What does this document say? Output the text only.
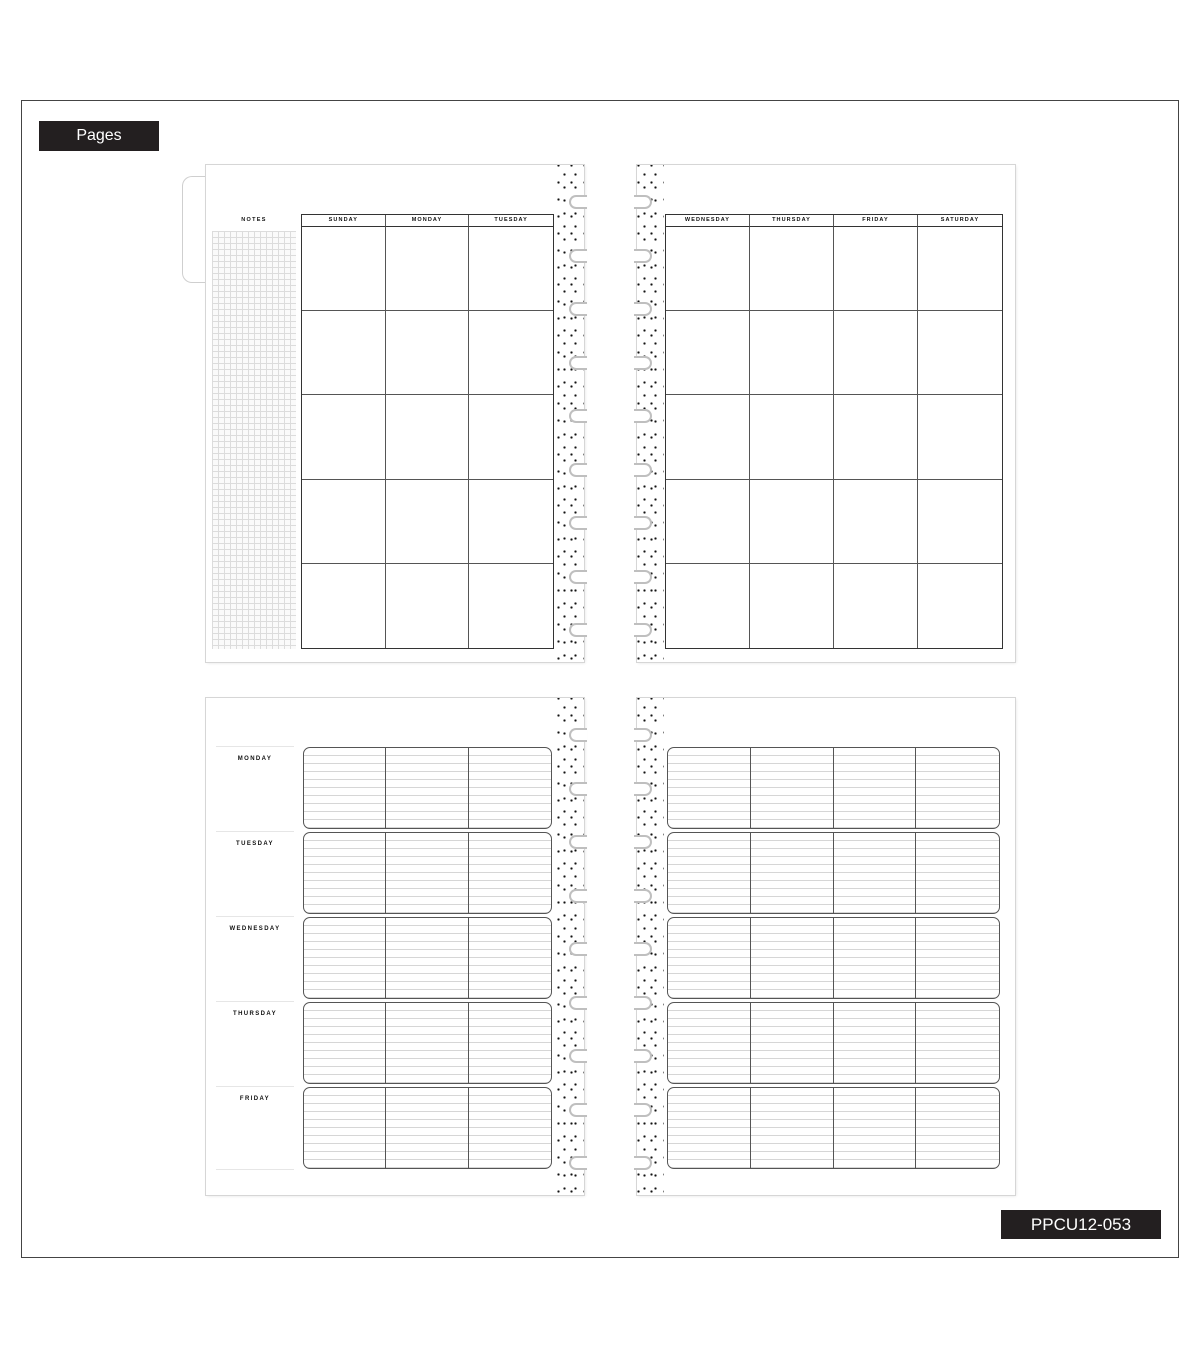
Pages
NOTES	SUNDAY	MONDAY	TUESDAY	WEDNESDAY	THURSDAY	FRIDAY	SATURDAY
MONDAY
TUESDAY
WEDNESDAY
THURSDAY
FRIDAY
PPCU12-053
